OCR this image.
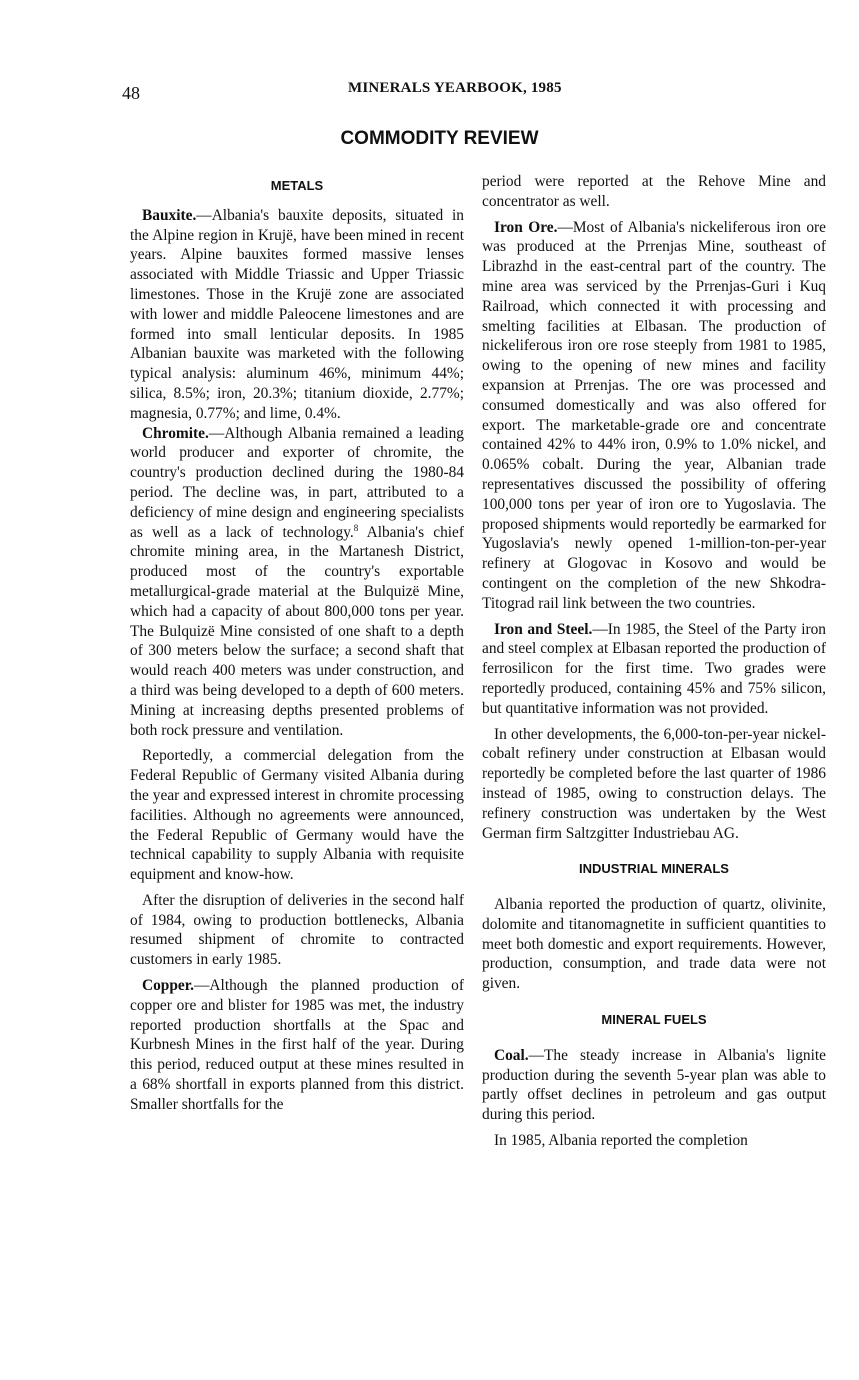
48	MINERALS YEARBOOK, 1985
COMMODITY REVIEW
METALS

Bauxite.—Albania's bauxite deposits, situated in the Alpine region in Krujë, have been mined in recent years. Alpine bauxites formed massive lenses associated with Middle Triassic and Upper Triassic limestones. Those in the Krujë zone are associated with lower and middle Paleocene limestones and are formed into small lenticular deposits. In 1985 Albanian bauxite was marketed with the following typical analysis: aluminum 46%, minimum 44%; silica, 8.5%; iron, 20.3%; titanium dioxide, 2.77%; magnesia, 0.77%; and lime, 0.4%.

Chromite.—Although Albania remained a leading world producer and exporter of chromite, the country's production declined during the 1980-84 period. The decline was, in part, attributed to a deficiency of mine design and engineering specialists as well as a lack of technology.$^8$ Albania's chief chromite mining area, in the Martanesh District, produced most of the country's exportable metallurgical-grade material at the Bulquizë Mine, which had a capacity of about 800,000 tons per year. The Bulquizë Mine consisted of one shaft to a depth of 300 meters below the surface; a second shaft that would reach 400 meters was under construction, and a third was being developed to a depth of 600 meters. Mining at increasing depths presented problems of both rock pressure and ventilation.

Reportedly, a commercial delegation from the Federal Republic of Germany visited Albania during the year and expressed interest in chromite processing facilities. Although no agreements were announced, the Federal Republic of Germany would have the technical capability to supply Albania with requisite equipment and know-how.

After the disruption of deliveries in the second half of 1984, owing to production bottlenecks, Albania resumed shipment of chromite to contracted customers in early 1985.

Copper.—Although the planned production of copper ore and blister for 1985 was met, the industry reported production shortfalls at the Spac and Kurbnesh Mines in the first half of the year. During this period, reduced output at these mines resulted in a 68% shortfall in exports planned from this district. Smaller shortfalls for the

period were reported at the Rehove Mine and concentrator as well.

Iron Ore.—Most of Albania's nickeliferous iron ore was produced at the Prrenjas Mine, southeast of Librazhd in the east-central part of the country. The mine area was serviced by the Prrenjas-Guri i Kuq Railroad, which connected it with processing and smelting facilities at Elbasan. The production of nickeliferous iron ore rose steeply from 1981 to 1985, owing to the opening of new mines and facility expansion at Prrenjas. The ore was processed and consumed domestically and was also offered for export. The marketable-grade ore and concentrate contained 42% to 44% iron, 0.9% to 1.0% nickel, and 0.065% cobalt. During the year, Albanian trade representatives discussed the possibility of offering 100,000 tons per year of iron ore to Yugoslavia. The proposed shipments would reportedly be earmarked for Yugoslavia's newly opened 1-million-ton-per-year refinery at Glogovac in Kosovo and would be contingent on the completion of the new Shkodra-Titograd rail link between the two countries.

Iron and Steel.—In 1985, the Steel of the Party iron and steel complex at Elbasan reported the production of ferrosilicon for the first time. Two grades were reportedly produced, containing 45% and 75% silicon, but quantitative information was not provided.

In other developments, the 6,000-ton-per-year nickel-cobalt refinery under construction at Elbasan would reportedly be completed before the last quarter of 1986 instead of 1985, owing to construction delays. The refinery construction was undertaken by the West German firm Saltzgitter Industriebau AG.

INDUSTRIAL MINERALS

Albania reported the production of quartz, olivinite, dolomite and titanomagnetite in sufficient quantities to meet both domestic and export requirements. However, production, consumption, and trade data were not given.

MINERAL FUELS

Coal.—The steady increase in Albania's lignite production during the seventh 5-year plan was able to partly offset declines in petroleum and gas output during this period.

In 1985, Albania reported the completion
